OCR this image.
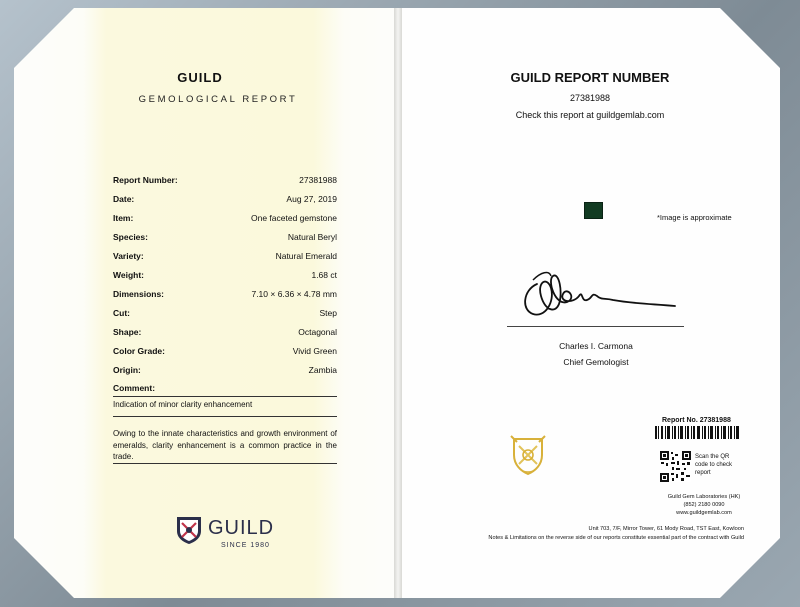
GUILD
GEMOLOGICAL REPORT
Report Number:	27381988
Date:	Aug 27, 2019
Item:	One faceted gemstone
Species:	Natural Beryl
Variety:	Natural Emerald
Weight:	1.68 ct
Dimensions:	7.10 × 6.36 × 4.78 mm
Cut:	Step
Shape:	Octagonal
Color Grade:	Vivid Green
Origin:	Zambia
Comment:
Indication of minor clarity enhancement
Owing to the innate characteristics and growth environment of emeralds, clarity enhancement is a common practice in the trade.
GUILD
SINCE 1980
GUILD REPORT NUMBER
27381988
Check this report at guildgemlab.com
*Image is approximate
Charles I. Carmona
Chief Gemologist
Report No. 27381988
Scan the QR code to check report
Guild Gem Laboratories (HK)
(852) 2180 0090
www.guildgemlab.com
Unit 703, 7/F, Mirror Tower, 61 Mody Road, TST East, Kowloon
Notes & Limitations on the reverse side of our reports constitute essential part of the contract with Guild
